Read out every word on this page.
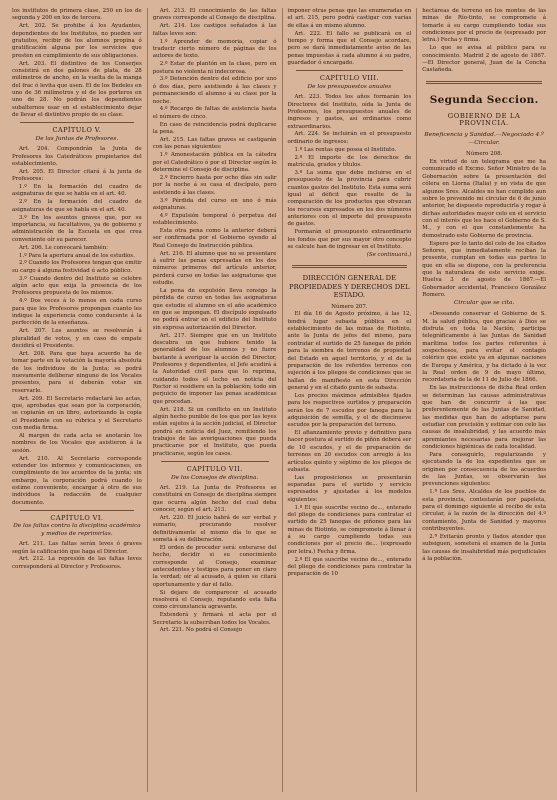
los institutos de primera clase, 250 en los de segunda y 200 en los de tercera.

Art. 202. Se prohibe á los Ayudantes, dependientes de los Institutos, no pueden ser gratuitos, recibir de los alumnos propina ó gratificación alguna por los servicios que presten en cumplimiento de sus obligaciones.

Art. 203. El distintivo de los Conserjes consistirá en dos galones de plata, de 28 milímetros de ancho, en la vuelta de la manga del frac ó levita que usen. El de los Bedeles en uno de 36 milímetros y el de los porteros en uno de 28. No podrán los dependientes subalternos usar en el establecimiento dejar de llevar el distintivo propio de su clase.

CAPÍTULO V.
De las Juntas de Profesores.

Art. 204. Compondrán la Junta de Profesores los Catedráticos propietarios del establecimiento.

Art. 205. El Director citará á la junta de Profesores:

1.º En la formación del cuadro de asignaturas de que se habla en el art. 40.

2.º En la formación del cuadro de asignaturas de que se habla en el art. 40.

3.º En los asuntos graves que, por su importancia, su facultativos, ya de gobierno y administración de la Escuela en que crea conveniente oír su parecer.

Art. 206. Le convocará también:

1.º Para la apertura anual de los estudios.

2.º Cuando los Profesores tengan que emitir su cargo á alguna festividad ú acto público.

3.º Cuando dentro del Instituto se celebre algún acto que exija la presencia de los Profesores propuesta de los mismos.

4.º Dos veces á lo menos en cada curso para que los Profesores propongan cuanto les indique la experiencia como conducente á la perfección de la enseñanza.

Art. 207. Los asuntos se resolverán á pluralidad de votos, y en caso de empate decidirá el Presidente.

Art. 208. Para que haya acuerdo ha de tomar parte en la votación la mayoría absoluta de los individuos de la Junta; se podrá nuevamente deliberar ninguno de los Vocales presentes, para si deberán votar sin reservarle.

Art. 209. El Secretario redactará las actas, que, aprobadas que sean por la corporación, se copiarán en un libro, autorizando la copia el Presidente con su rúbrica y el Secretario con media firma.

Al margen de cada acta se anotarán los nombres de los Vocales que asistieron á la sesión.

Art. 210. Al Secretario corresponde extender los informes y comunicaciones, en cumplimiento de los acuerdos de la junta; sin embargo, la corporación podrá cuando lo estime conveniente, encargar á otro de sus individuos la redacción de cualquier documento.

CAPÍTULO VI.
De las faltas contra la disciplina académica y medios de reprimirlas.

Art. 211. Las faltas serán leves ó graves según la calificación que haga el Director.

Art. 212. La represión de las faltas leves corresponderá al Director y Profesores.

Art. 213. El conocimiento de las faltas graves corresponde al Consejo de disciplina.

Art. 214. Los castigos señalados á las faltas leves son:

1.º Aprender de memoria, copiar ó traducir cierto número de páginas de los autores de texto.

2.º Estar de plantón en la clase, pero en postura no violenta ni indecorosa.

3.º Detención dentro del edificio por uno ó dos días, pero asistiendo á las clases y permaneciendo el alumno á su clase por la noche.

4.º Recargo de faltas de asistencia hasta el número de cinco.

En caso de reincidencia podrá duplicarse la pena.

Art. 215. Las faltas graves se castigarán con las penas siguientes:

1.º Amonestación pública en la cátedra por el Catedrático ó por el Director según lo determine el Consejo de disciplina.

2.º Encierro hasta por ocho días sin salir por la noche á su casa el discípulo, pero asistiendo á las clases.

3.º Pérdida del curso en uno ó más asignaturas.

4.º Expulsión temporal ó perpetua del establecimiento.

Esta otra pena como la anterior deberá ser confirmada por el Gobierno oyendo al Real Consejo de Instrucción pública.

Art. 216. El alumno que no se presentare á sufrir las penas expresadas en los dos números primeros del artículo anterior, perderá curso en todas las asignaturas que estudie.

La pena de expulsión lleva consigo la pérdida de curso en todas las asignaturas que estudie el alumno en el año académico en que se impongan. El discípulo expulsado no podrá entrar en el edificio del Instituto sin expresa autorización del Director.

Art. 217. Siempre que en un Instituto descubra un que hubiere tenido la generalidad de los alumnos y no fuere bastante á averiguar la acción del Director, Profesores y dependientes, el Jefe acudirá á la Autoridad civil para que lo reprima, cuidando todos el lecho en noticia del Rector si residiere en la población; todo sin perjuicio de imponer las penas académicas que procedan.

Art. 218. Si un conflicto en un Instituto algún hecho punible de los que por las leyes están sujetos á la acción judicial, el Director pondrá en noticia del Juez, remitiendo los trabajos de las averiguaciones que pueda practicarse por el Instituto, que pueda practicarse, según los casos.

CAPÍTULO VII.
De los Consejos de disciplina.

Art. 219. La Junta de Profesores se constituirá en Consejo de disciplina siempre que ocurra algún hecho del cual deba conocer, según el art. 213.

Art. 220. El juicio habrá de ser verbal y sumario, procurando resolver definitivamente el mismo día lo que se someta á su deliberación.

El orden de proceder será: enterarse del hecho, decidir si su conocimiento corresponde al Consejo, examinar antecedentes y testigos para poner en claro la verdad; oír al acusado, á quien se citará oportunamente y dar el fallo.

Si dejare de comparecer el acusado resolverá el Consejo, reputando esta falta como circunstancia agravante.

Extenderá y firmará el acta por el Secretario la subscriban todos los Vocales.

Art. 221. No podrá el Consejo

imponer otras penas que las enumeradas en el art. 215, pero podrá castigar con varias de ellas á un mismo alumno.

Art. 222. El fallo se publicará en el tiempo y forma que el Consejo acordare, pero se dará inmediatamente aviso de las penas impuestas á cada alumno á su padre, guardador ó encargado.

CAPÍTULO VIII.
De los presupuestos anuales

Art. 223. Todos los años formarán los Directores del Instituto, oída la Junta de Profesores, los presupuestos anuales de ingresos y gastos, así ordinarios como extraordinarios.

Art. 224. Se incluirán en el presupuesto ordinario de ingresos:

1.º Las rentas que posea el Instituto.

2.º El importe de los derechos de matrícula, grados y títulos.

3.º La suma que debe incluirse en el presupuesto de la provincia para cubrir cuantos gastos del Instituto. Esta suma será igual al déficit que resulte de la comparación de los productos que ofrezcan los recursos expresados en los dos números anteriores con el importe del presupuesto de gastos.

Formarán el presupuesto extraordinario los fondos que por sus mayor otro concepto se calcule han de ingresar en el Instituto.

(Se continuará.)

DIRECCIÓN GENERAL DE PROPIEDADES Y DERECHOS DEL ESTADO.

Número 207.

El día 16 de Agosto próximo, á las 12, tendrá lugar subasta pública en el establecimiento de las minas de Riotinto, ante la Junta de jefes del mismo, para contratar el surtido de 25 fanegas de piñón para la siembra de terrenos de propiedad del Estado en aquel territorio, y el de la preparación de los referidos terrenos con sujeción á los pliegos de condiciones que se hallan de manifiesto en esta Dirección general y en el citado punto de subasta.

Los precios máximos admisibles fijados para los respectivos surtidos y preparación serán los de 7 escudos por fanega para la adquisición de semilla, y el de diecinueve escudos por la preparación del terreno.

El afianzamiento previo y definitivo para hacer postura al surtido de piñón deberá ser de 10 escudos, y el de preparación de terrenos en 20 escudos con arreglo á los artículos quinto y séptimo de los pliegos de subasta.

Las proposiciones se presentarán separadas para el surtido y servicio espresados y ajustadas á los modelos siguientes:

1.º El que suscribe vecino de..., enterado del pliego de condiciones para contratar el surtido de 25 fanegas de piñones para las minas de Riotinto, se compromete á llenar á á su cargo cumpliendo todas sus condiciones por el precio de... (expresado por letra.) Fecha y firma.

2.º El que suscribe vecino de..., enterado del pliego de condiciones para contratar la preparación de 10

hectáreas de terreno en los montes de las minas de Río-tinto, se compromete á tomarle á su cargo cumpliendo todas sus condiciones por el precio de (espresado por letra.) Fecha y firma.

Lo que se avisa al público para su conocimiento. Madrid 2 de agosto de 1867.—El Director general, Juan de la Concha Castañeda.

Segunda Seccion.
GOBIERNO DE LA PROVINCIA.
Beneficencia y Sanidad.—Negociado 4.º—Circular.

Número 208.

En virtud de un telegrama que me ha comunicado el Excmo. Señor Ministro de la Gobernación sobre la presentación del cólera en Liorna (Italia) y en vista de que algunos Sres. Alcaldes no han cumplido aun sobre lo prevenido mi circular de 6 de junio anterior, he dispuesto reproducirla y rogar á dichas autoridades mayor celo en el servicio con el interés que les hace el Gobierno de S. M., y con el que constantemente ha demostrado este Gobierno de provincia.

Espero por lo tanto del celo de los citados Señores, que inmediatamente reciban la presente, cumplan en todas sus partes lo que en ella se dispone, con la preferencia que la naturaleza de este servicio exige. Huelva 3 de agosto de 1867.—El Gobernador accidental, Francisco González Romero.

Circular que se cita.

«Deseando conservar el Gobierno de S. M. la salud pública, que gracias á Dios se disfruta en toda la Nación, participa telegráficamente á las Juntas de Sanidad marítima todos los partes referentes á sospechosos, para evitar el contagio colérico que existe ya en algunas naciones de Europa y América, y ha dictado á la vez la Real orden de 9 de mayo último, recordatoria de la de 11 de Julio de 1866.

En las instrucciones de dicha Real orden se determinan las causas administrativas que han de concurrir á las que preferentemente de las Juntas de Sanidad, las medidas que han de adoptarse para estudiar con precisión y estimar con celo las causas de insalubridad, y las acuerdo más apremiantes necesarias para mejorar las condiciones higiénicas de cada localidad.

Para conseguirlo, regularizando y ejecutando la de los expedientes que se originen por consecuencia de los acuerdos de las Juntas, se observarán las prevenciones siguientes:

1.ª Los Sres. Alcaldes de los pueblos de esta provincia, contestarán por papeleta, para el domingo siguiente al recibo de esta circular, á la razón de la dirección del 4.º contamiento, Junta de Sanidad y mayores contribuyentes.

2.ª Evitarán pronto y llados atender que subsiguen, someterá el examen de la Junta las causas de insalubridad más perjudiciales á la población.
